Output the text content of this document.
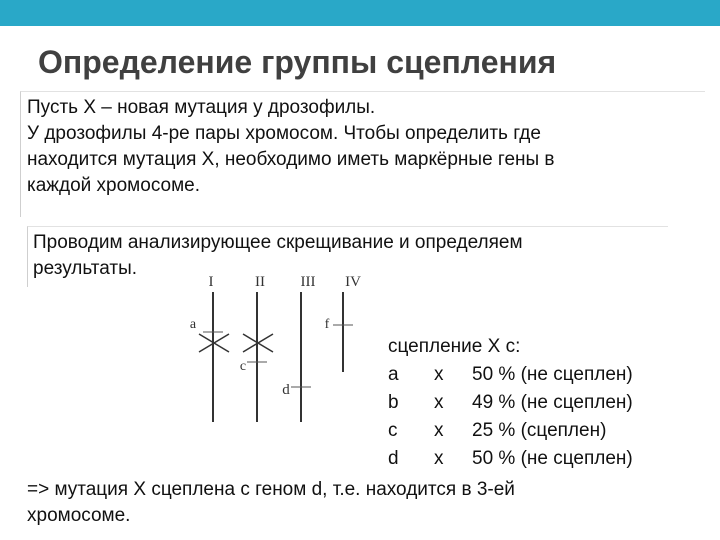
Определение группы сцепления

Пусть Х – новая мутация у дрозофилы.

У дрозофилы 4-ре пары хромосом. Чтобы определить где

находится мутация Х, необходимо иметь маркёрные гены в

каждой хромосоме.

Проводим анализирующее скрещивание и определяем

результаты.

I	II III IV
a
c
d
f
сцепление Х с:
a х 50 % (не сцеплен)
b х 49 % (не сцеплен)
c х 25 % (сцеплен)
d х 50 % (не сцеплен)

=> мутация Х сцеплена с геном d, т.е. находится в 3-ей

хромосоме.
